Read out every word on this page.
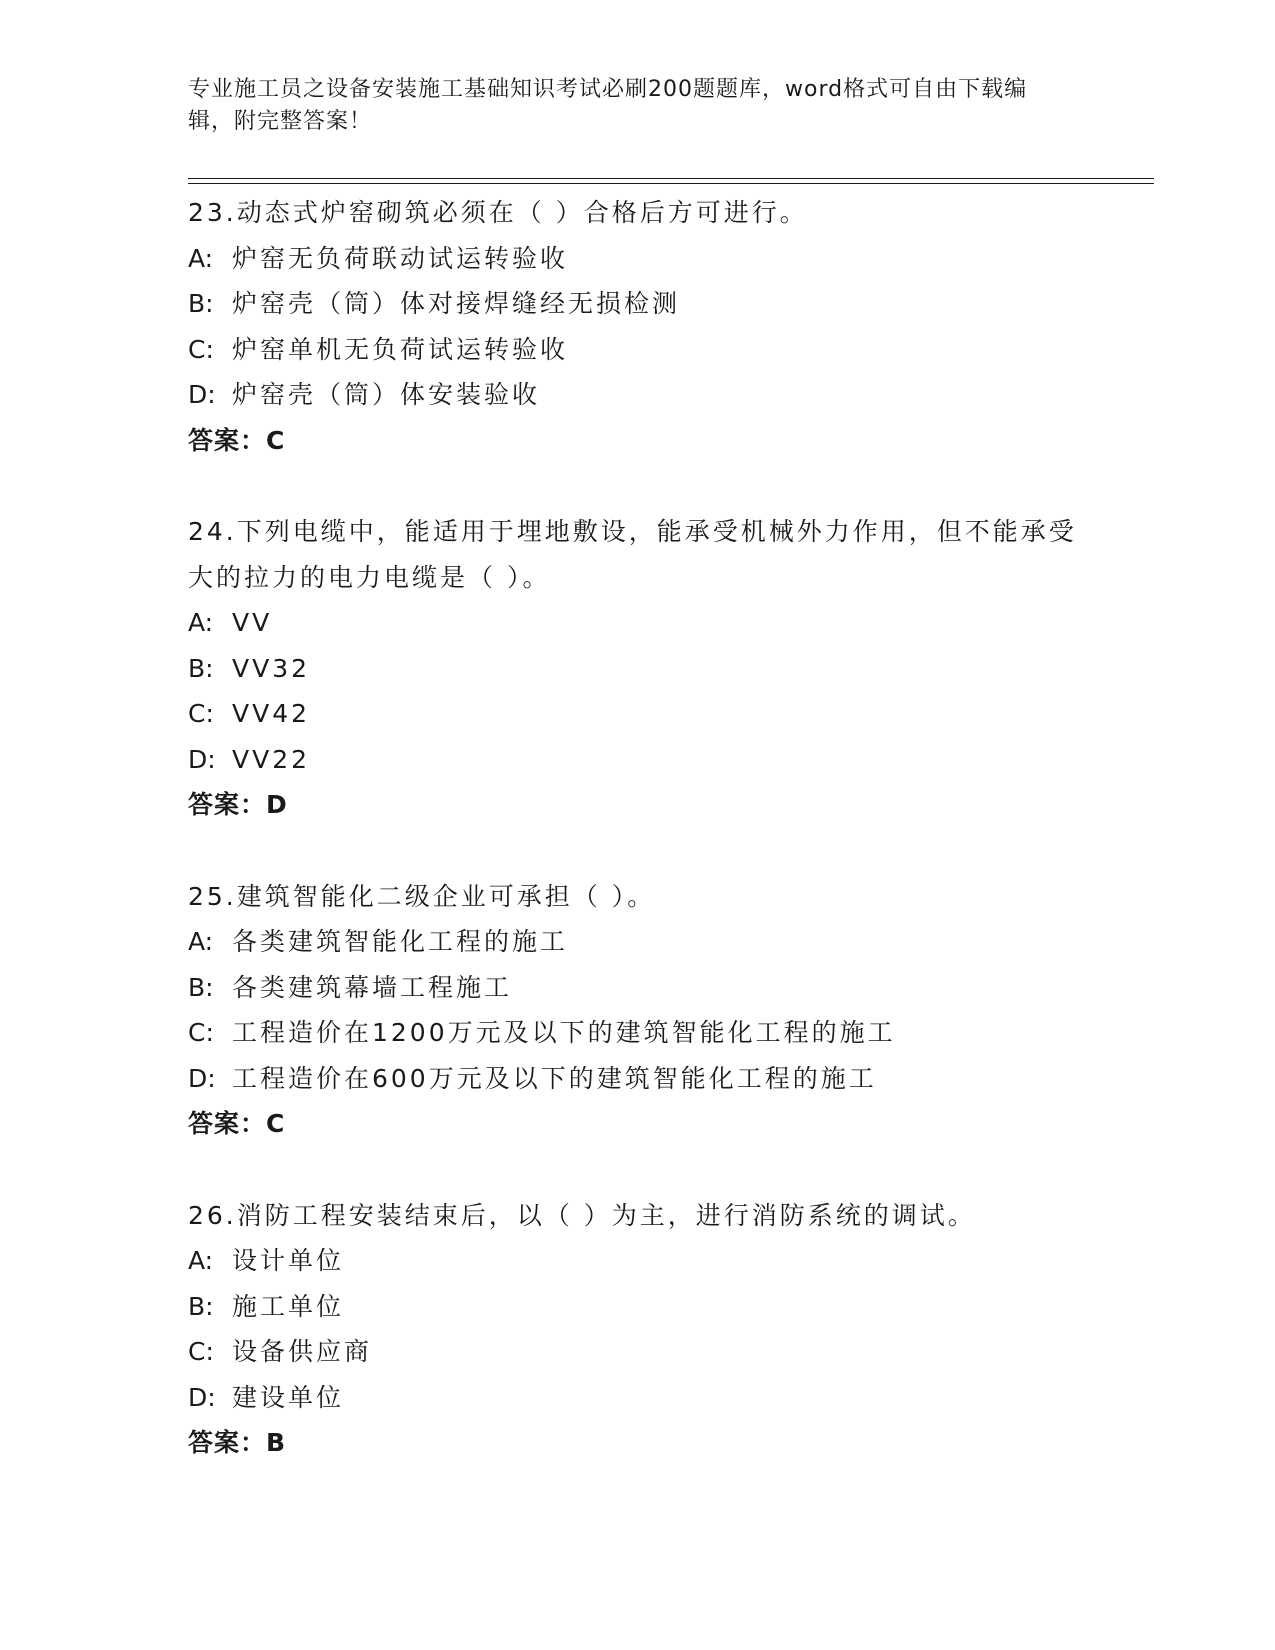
专业施工员之设备安装施工基础知识考试必刷200题题库，word格式可自由下载编辑，附完整答案！
23.动态式炉窑砌筑必须在（ ）合格后方可进行。
A: 炉窑无负荷联动试运转验收
B: 炉窑壳（筒）体对接焊缝经无损检测
C: 炉窑单机无负荷试运转验收
D: 炉窑壳（筒）体安装验收
答案：C
24.下列电缆中，能适用于埋地敷设，能承受机械外力作用，但不能承受大的拉力的电力电缆是（ ）。
A: VV
B: VV32
C: VV42
D: VV22
答案：D
25.建筑智能化二级企业可承担（ ）。
A: 各类建筑智能化工程的施工
B: 各类建筑幕墙工程施工
C: 工程造价在1200万元及以下的建筑智能化工程的施工
D: 工程造价在600万元及以下的建筑智能化工程的施工
答案：C
26.消防工程安装结束后，以（ ）为主，进行消防系统的调试。
A: 设计单位
B: 施工单位
C: 设备供应商
D: 建设单位
答案：B
